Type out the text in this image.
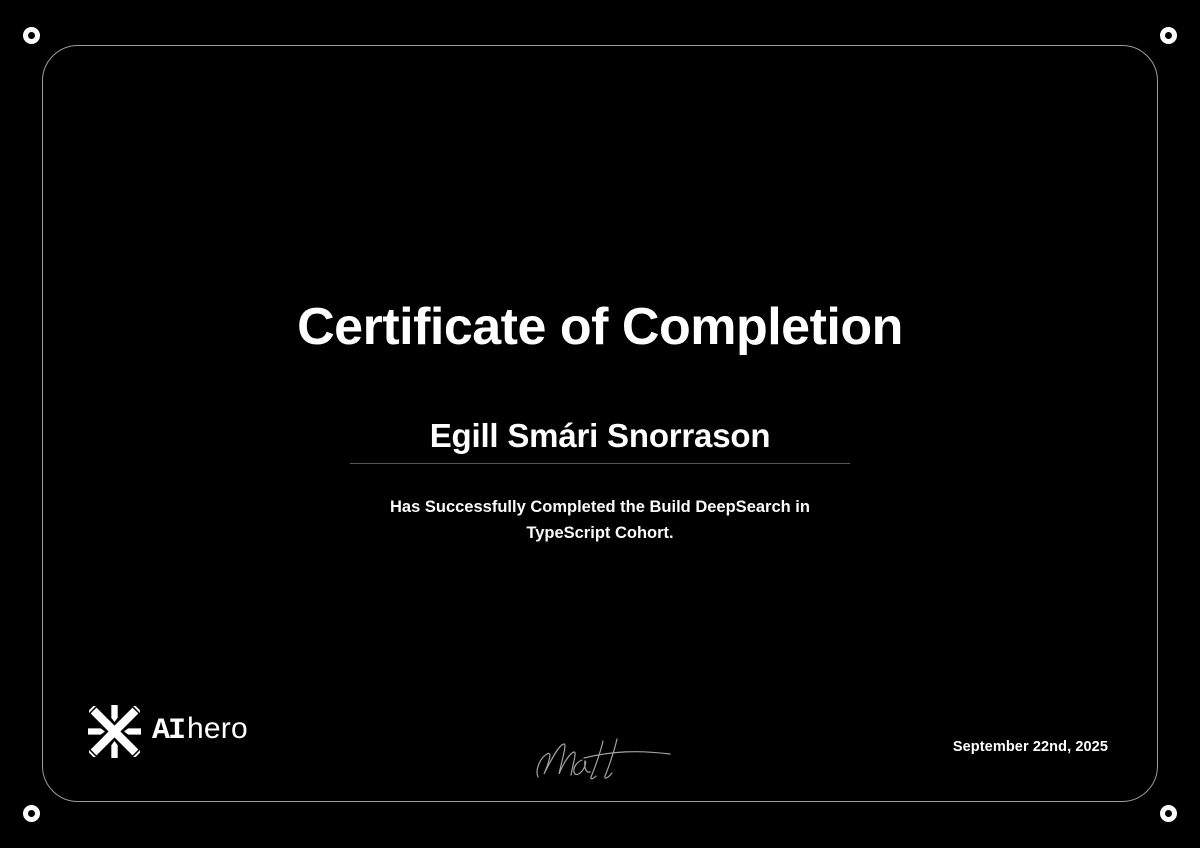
Certificate of Completion
Egill Smári Snorrason

Has Successfully Completed the Build DeepSearch in

TypeScript Cohort.

AI hero
September 22nd, 2025
